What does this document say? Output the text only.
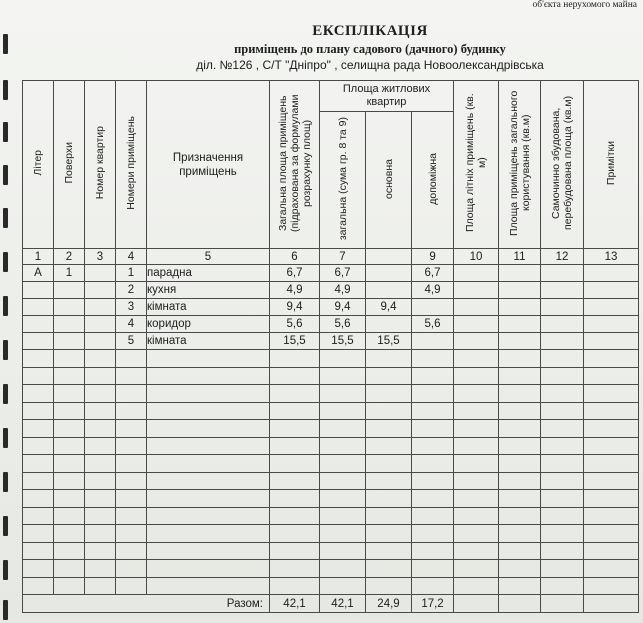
об'єкта нерухомого майна
ЕКСПЛІКАЦІЯ
приміщень до плану садового (дачного) будинку
діл. №126 , С/Т "Дніпро" , селищна рада Новоолександрівська
Літер	Поверхи	Номер квартир	Номери приміщень	Призначення
приміщень	Загальна площа приміщень (підрахована за формулами розрахунку площ)	Площа житлових квартир			Площа літніх приміщень (кв. м)	Площа приміщень загального користування (кв.м)	Самочинно збудована, перебудована площа (кв.м)	Примітки
						загальна (сума гр. 8 та 9)	основна	допоміжна				
1	2	3	4	5	6	7		9	10	11	12	13
А	1		1	парадна	6,7	6,7		6,7				
			2	кухня	4,9	4,9		4,9				
			3	кімната	9,4	9,4	9,4					
			4	коридор	5,6	5,6		5,6				
			5	кімната	15,5	15,5	15,5					

Разом:					42,1	42,1	24,9	17,2				
